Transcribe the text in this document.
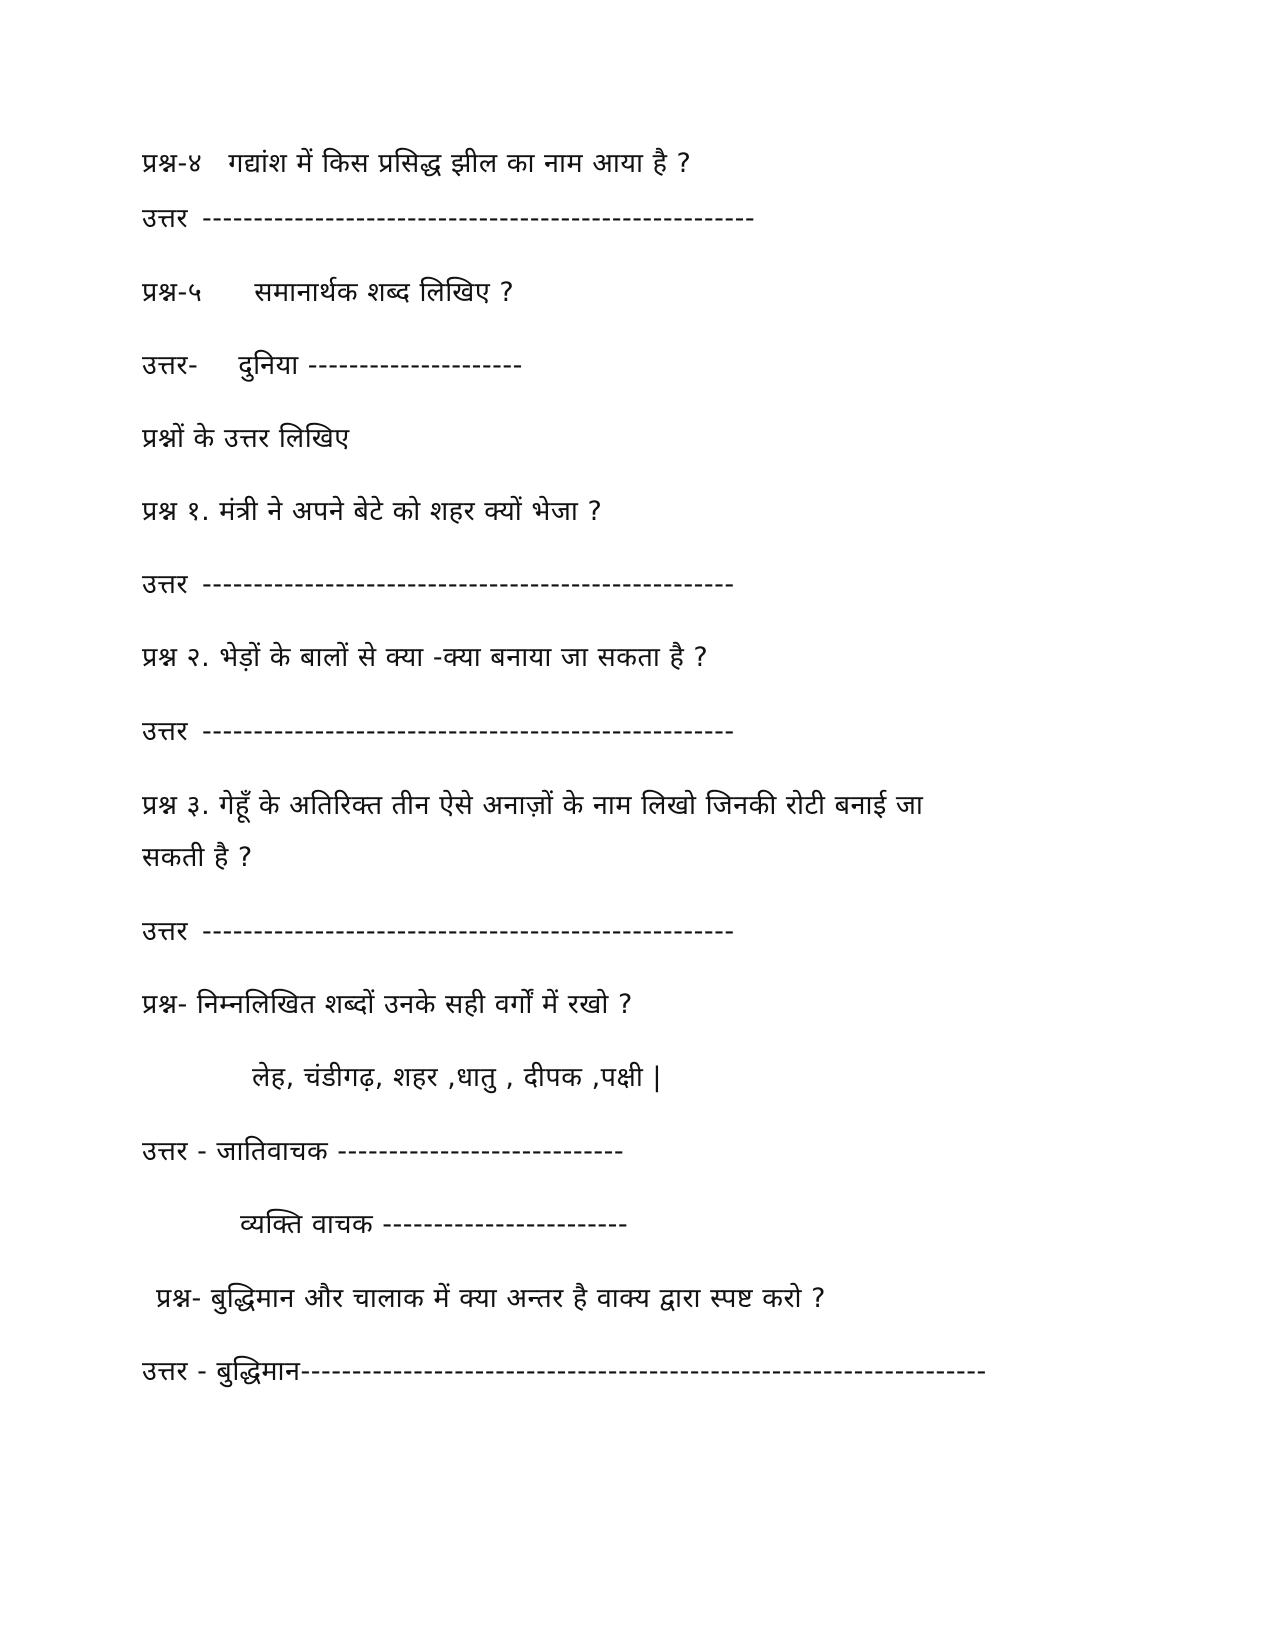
प्रश्न-४ गद्यांश में किस प्रसिद्ध झील का नाम आया है ?
उत्तर ------------------------------------------------------
प्रश्न-५ समानार्थक शब्द लिखिए ?
उत्तर- दुनिया ---------------------
प्रश्नों के उत्तर लिखिए
प्रश्न १. मंत्री ने अपने बेटे को शहर क्यों भेजा ?
उत्तर ----------------------------------------------------
प्रश्न २. भेड़ों के बालों से क्या -क्या बनाया जा सकता है ?
उत्तर ----------------------------------------------------
प्रश्न ३. गेहूँ के अतिरिक्त तीन ऐसे अनाज़ों के नाम लिखो जिनकी रोटी बनाई जा
सकती है ?
उत्तर ----------------------------------------------------
प्रश्न- निम्नलिखित शब्दों उनके सही वर्गों में रखो ?
लेह, चंडीगढ़, शहर ,धातु , दीपक ,पक्षी |
उत्तर - जातिवाचक ----------------------------
व्यक्ति वाचक ------------------------
प्रश्न- बुद्धिमान और चालाक में क्या अन्तर है वाक्य द्वारा स्पष्ट करो ?
उत्तर - बुद्धिमान-------------------------------------------------------------------
